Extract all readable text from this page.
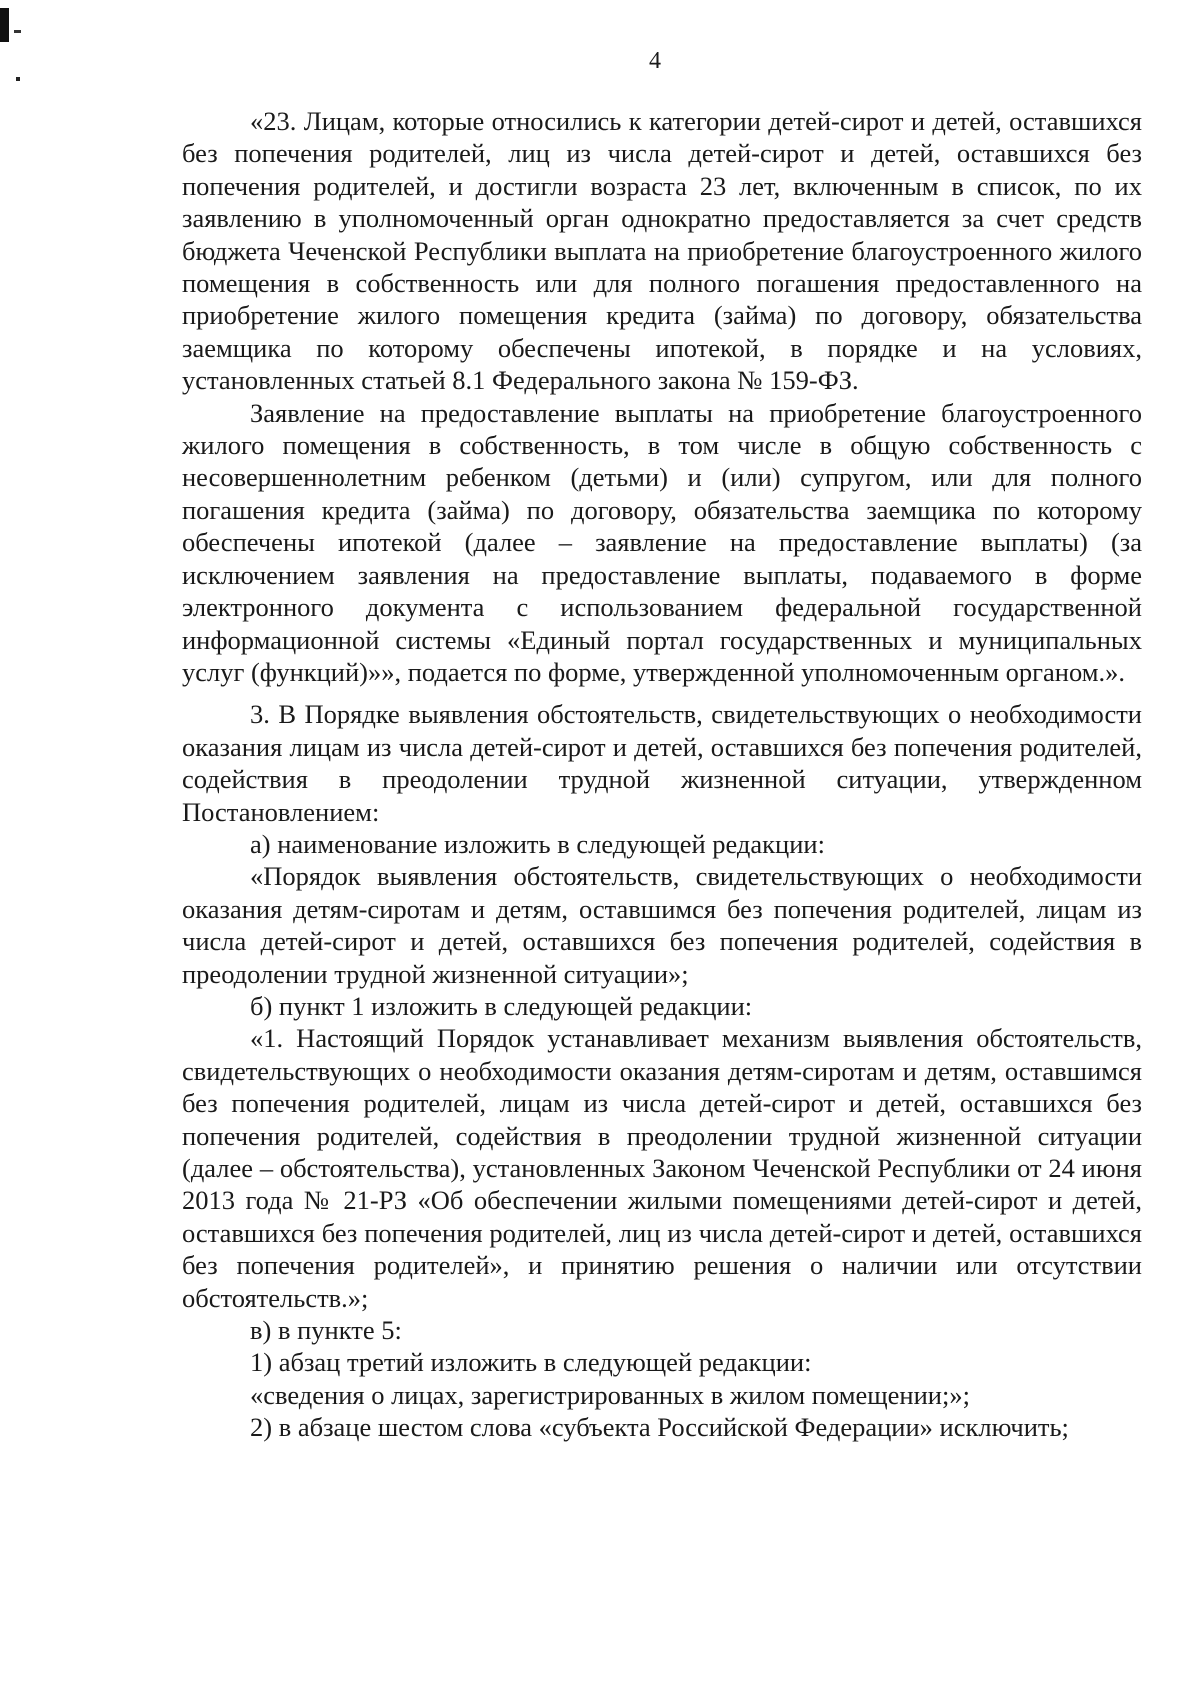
4

«23. Лицам, которые относились к категории детей-сирот и детей, оставшихся без попечения родителей, лиц из числа детей-сирот и детей, оставшихся без попечения родителей, и достигли возраста 23 лет, включенным в список, по их заявлению в уполномоченный орган однократно предоставляется за счет средств бюджета Чеченской Республики выплата на приобретение благоустроенного жилого помещения в собственность или для полного погашения предоставленного на приобретение жилого помещения кредита (займа) по договору, обязательства заемщика по которому обеспечены ипотекой, в порядке и на условиях, установленных статьей 8.1 Федерального закона № 159-ФЗ.

Заявление на предоставление выплаты на приобретение благоустроенного жилого помещения в собственность, в том числе в общую собственность с несовершеннолетним ребенком (детьми) и (или) супругом, или для полного погашения кредита (займа) по договору, обязательства заемщика по которому обеспечены ипотекой (далее – заявление на предоставление выплаты) (за исключением заявления на предоставление выплаты, подаваемого в форме электронного документа с использованием федеральной государственной информационной системы «Единый портал государственных и муниципальных услуг (функций)»», подается по форме, утвержденной уполномоченным органом.».

3. В Порядке выявления обстоятельств, свидетельствующих о необходимости оказания лицам из числа детей-сирот и детей, оставшихся без попечения родителей, содействия в преодолении трудной жизненной ситуации, утвержденном Постановлением:

а) наименование изложить в следующей редакции:

«Порядок выявления обстоятельств, свидетельствующих о необходимости оказания детям-сиротам и детям, оставшимся без попечения родителей, лицам из числа детей-сирот и детей, оставшихся без попечения родителей, содействия в преодолении трудной жизненной ситуации»;

б) пункт 1 изложить в следующей редакции:

«1. Настоящий Порядок устанавливает механизм выявления обстоятельств, свидетельствующих о необходимости оказания детям-сиротам и детям, оставшимся без попечения родителей, лицам из числа детей-сирот и детей, оставшихся без попечения родителей, содействия в преодолении трудной жизненной ситуации (далее – обстоятельства), установленных Законом Чеченской Республики от 24 июня 2013 года № 21-РЗ «Об обеспечении жилыми помещениями детей-сирот и детей, оставшихся без попечения родителей, лиц из числа детей-сирот и детей, оставшихся без попечения родителей», и принятию решения о наличии или отсутствии обстоятельств.»;

в) в пункте 5:

1) абзац третий изложить в следующей редакции:

«сведения о лицах, зарегистрированных в жилом помещении;»;

2) в абзаце шестом слова «субъекта Российской Федерации» исключить;
